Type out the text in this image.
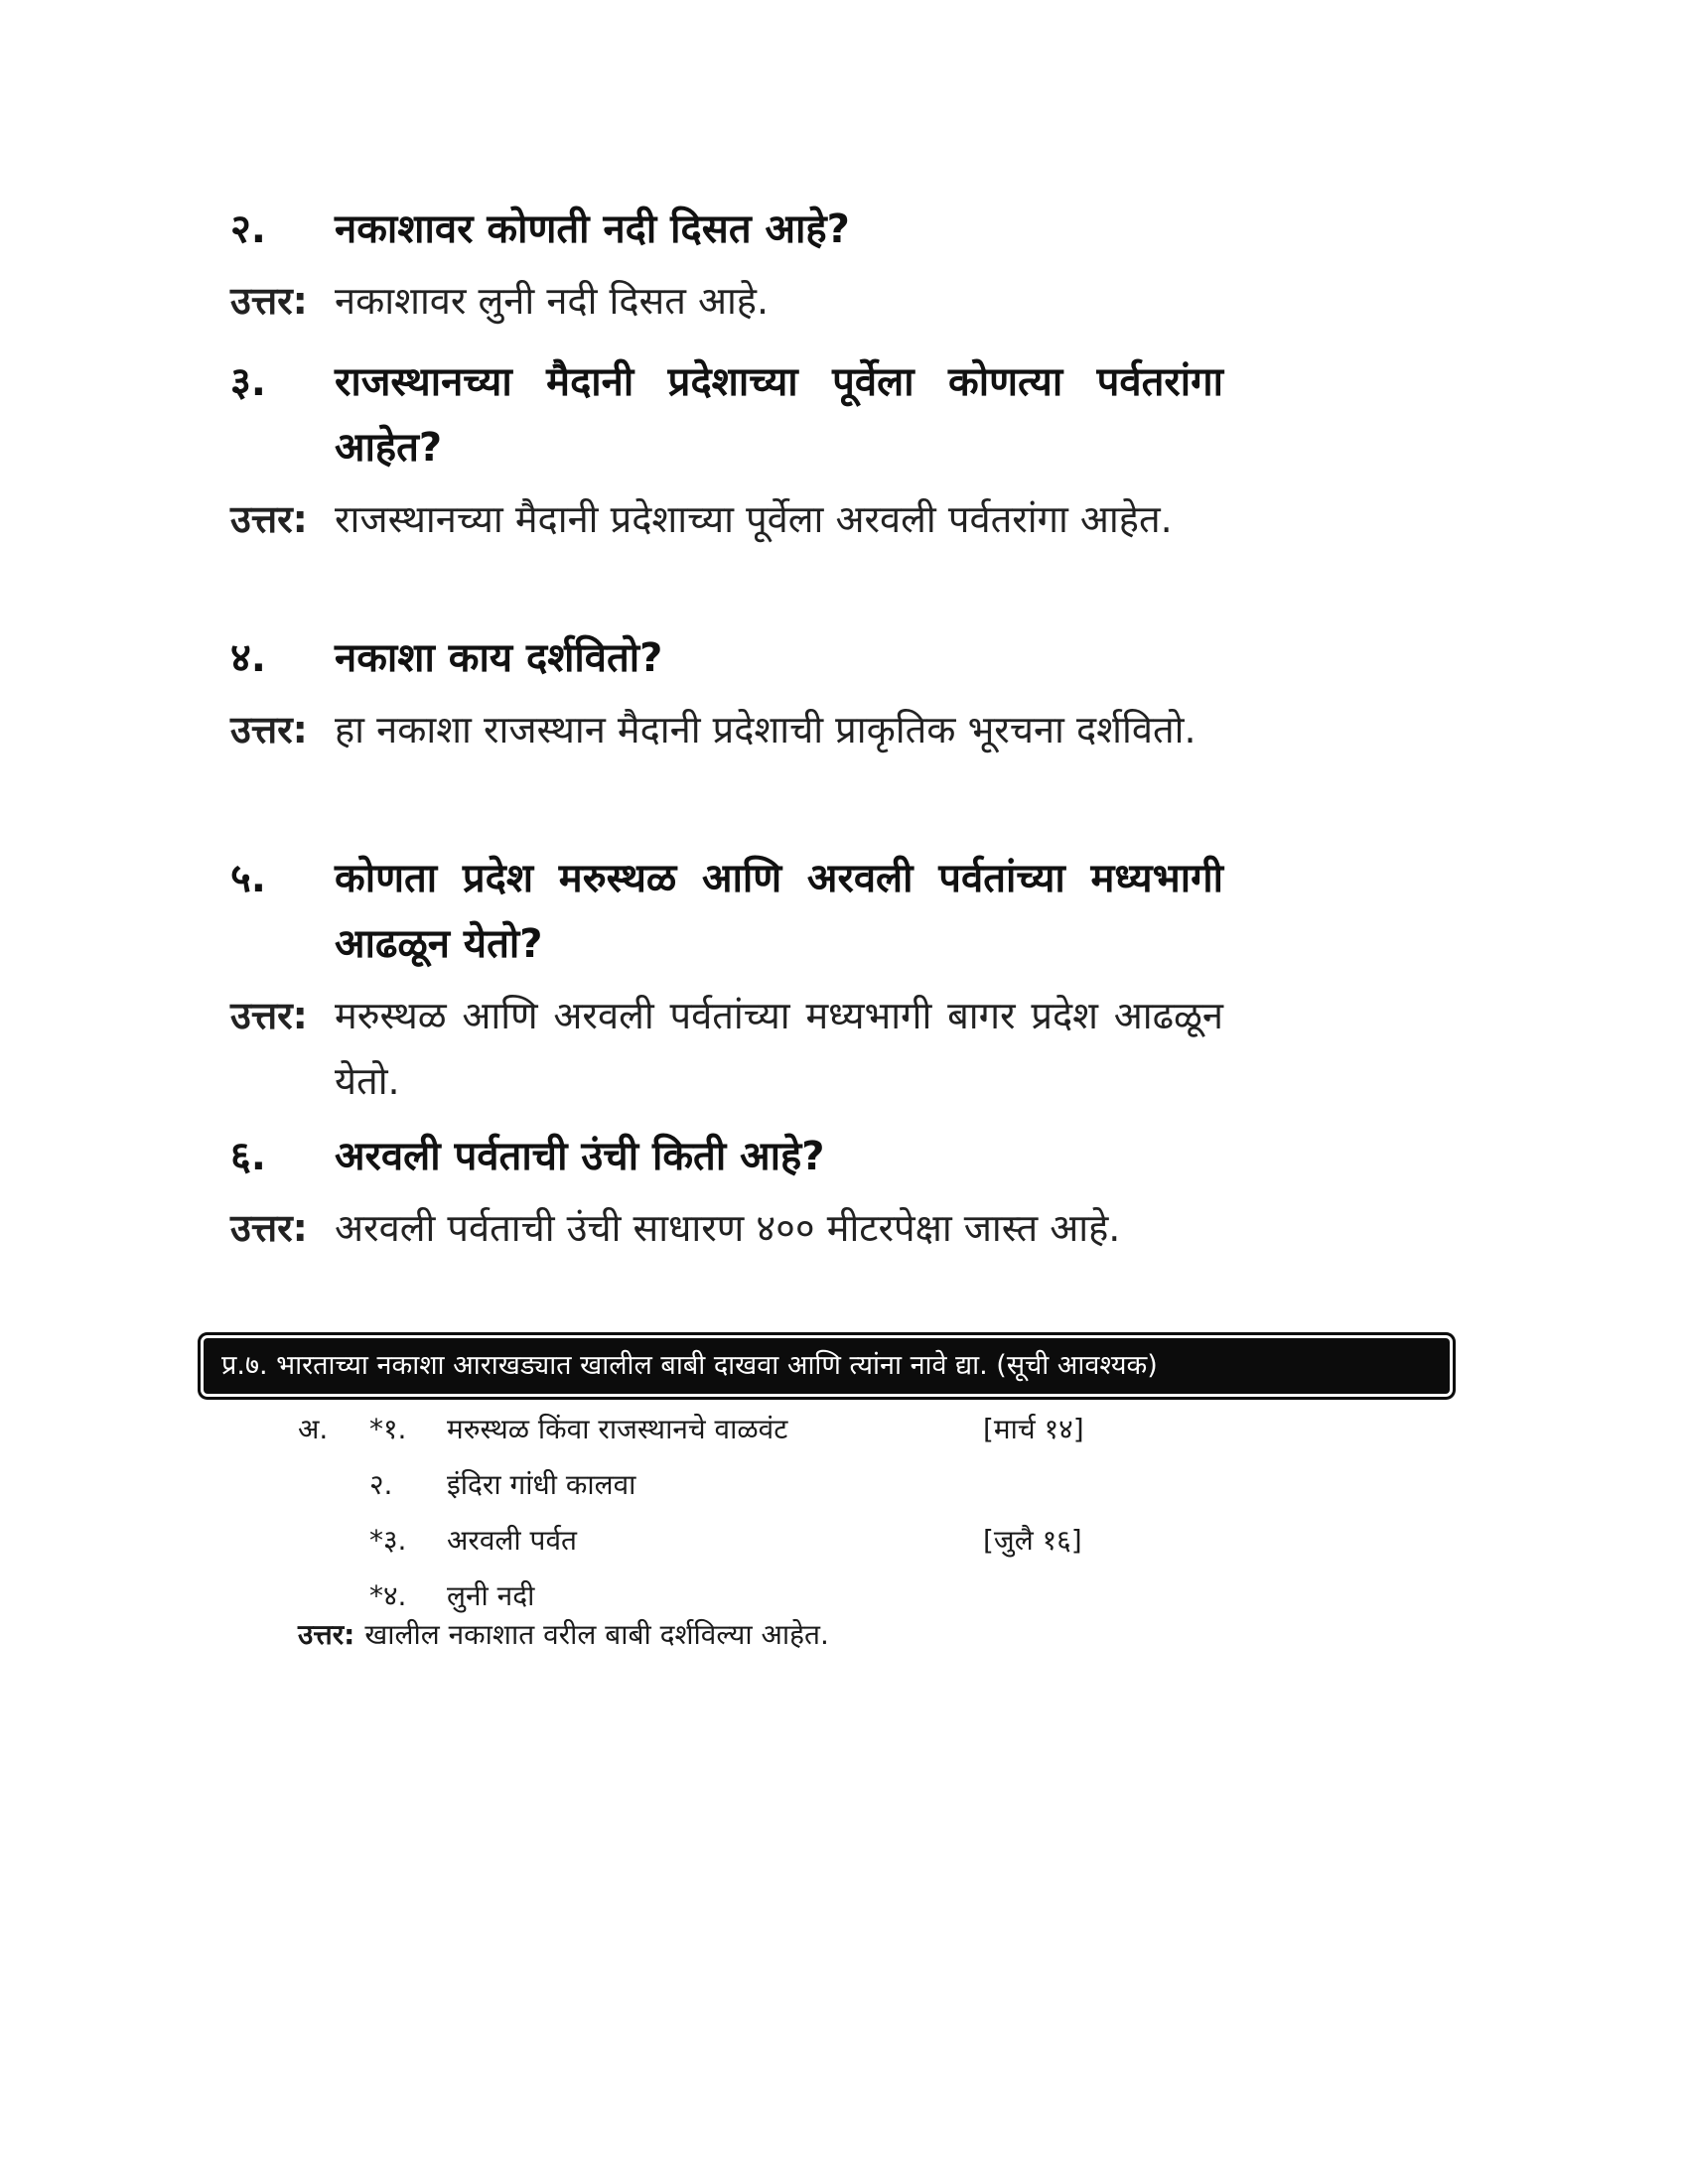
२. नकाशावर कोणती नदी दिसत आहे?
उत्तर: नकाशावर लुनी नदी दिसत आहे.
३. राजस्थानच्या मैदानी प्रदेशाच्या पूर्वेला कोणत्या पर्वतरांगा आहेत?
उत्तर: राजस्थानच्या मैदानी प्रदेशाच्या पूर्वेला अरवली पर्वतरांगा आहेत.
४. नकाशा काय दर्शवितो?
उत्तर: हा नकाशा राजस्थान मैदानी प्रदेशाची प्राकृतिक भूरचना दर्शवितो.
५. कोणता प्रदेश मरुस्थळ आणि अरवली पर्वतांच्या मध्यभागी आढळून येतो?
उत्तर: मरुस्थळ आणि अरवली पर्वतांच्या मध्यभागी बागर प्रदेश आढळून येतो.
६. अरवली पर्वताची उंची किती आहे?
उत्तर: अरवली पर्वताची उंची साधारण ४०० मीटरपेक्षा जास्त आहे.
प्र.७. भारताच्या नकाशा आराखड्यात खालील बाबी दाखवा आणि त्यांना नावे द्या. (सूची आवश्यक)
अ. *१. मरुस्थळ किंवा राजस्थानचे वाळवंट	[मार्च १४]
२. इंदिरा गांधी कालवा
*३. अरवली पर्वत	[जुलै १६]
*४. लुनी नदी
उत्तर: खालील नकाशात वरील बाबी दर्शविल्या आहेत.
